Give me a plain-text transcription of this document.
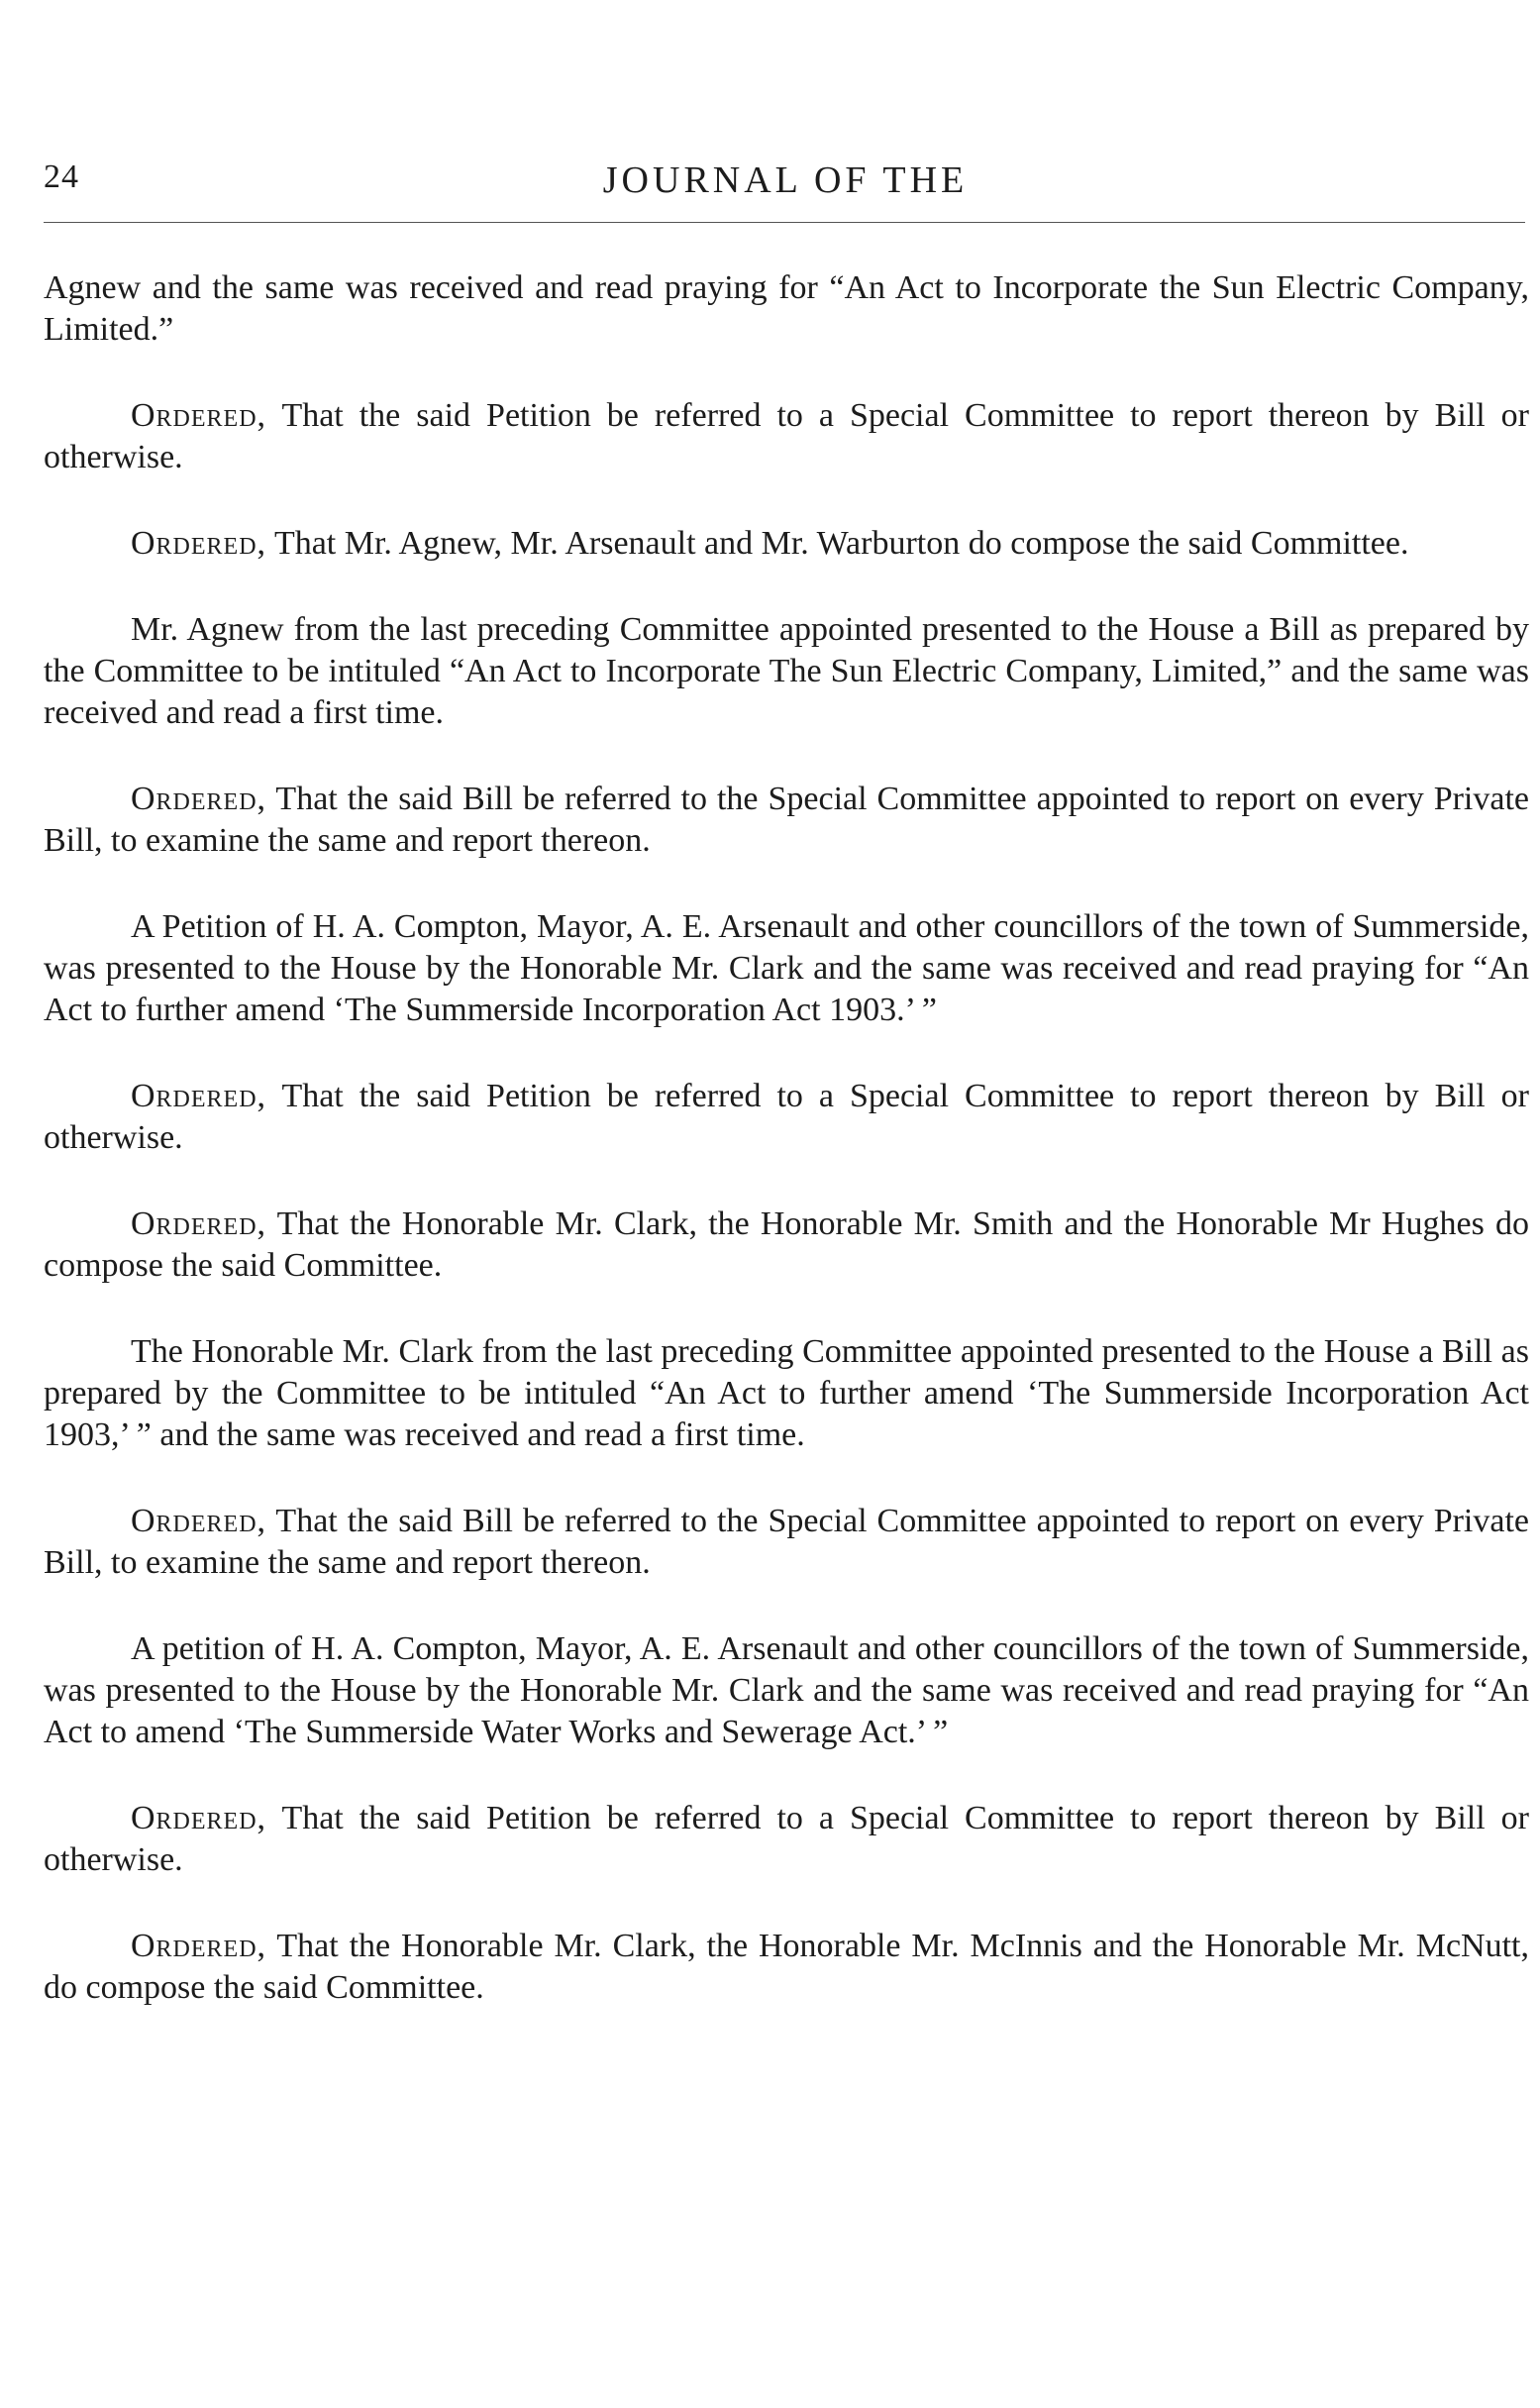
24	JOURNAL OF THE

Agnew and the same was received and read praying for “An Act to Incorporate the Sun Electric Company, Limited.”

Ordered, That the said Petition be referred to a Special Committee to report thereon by Bill or otherwise.

Ordered, That Mr. Agnew, Mr. Arsenault and Mr. Warburton do compose the said Committee.

Mr. Agnew from the last preceding Committee appointed presented to the House a Bill as prepared by the Committee to be intituled “An Act to Incorporate The Sun Electric Company, Limited,” and the same was received and read a first time.

Ordered, That the said Bill be referred to the Special Committee appointed to report on every Private Bill, to examine the same and report thereon.

A Petition of H. A. Compton, Mayor, A. E. Arsenault and other councillors of the town of Summerside, was presented to the House by the Honorable Mr. Clark and the same was received and read praying for “An Act to further amend ‘The Summerside Incorporation Act 1903.’ ”

Ordered, That the said Petition be referred to a Special Committee to report thereon by Bill or otherwise.

Ordered, That the Honorable Mr. Clark, the Honorable Mr. Smith and the Honorable Mr Hughes do compose the said Committee.

The Honorable Mr. Clark from the last preceding Committee appointed presented to the House a Bill as prepared by the Committee to be intituled “An Act to further amend ‘The Summerside Incorporation Act 1903,’ ” and the same was received and read a first time.

Ordered, That the said Bill be referred to the Special Committee appointed to report on every Private Bill, to examine the same and report thereon.

A petition of H. A. Compton, Mayor, A. E. Arsenault and other councillors of the town of Summerside, was presented to the House by the Honorable Mr. Clark and the same was received and read praying for “An Act to amend ‘The Summerside Water Works and Sewerage Act.’ ”

Ordered, That the said Petition be referred to a Special Committee to report thereon by Bill or otherwise.

Ordered, That the Honorable Mr. Clark, the Honorable Mr. McInnis and the Honorable Mr. McNutt, do compose the said Committee.
